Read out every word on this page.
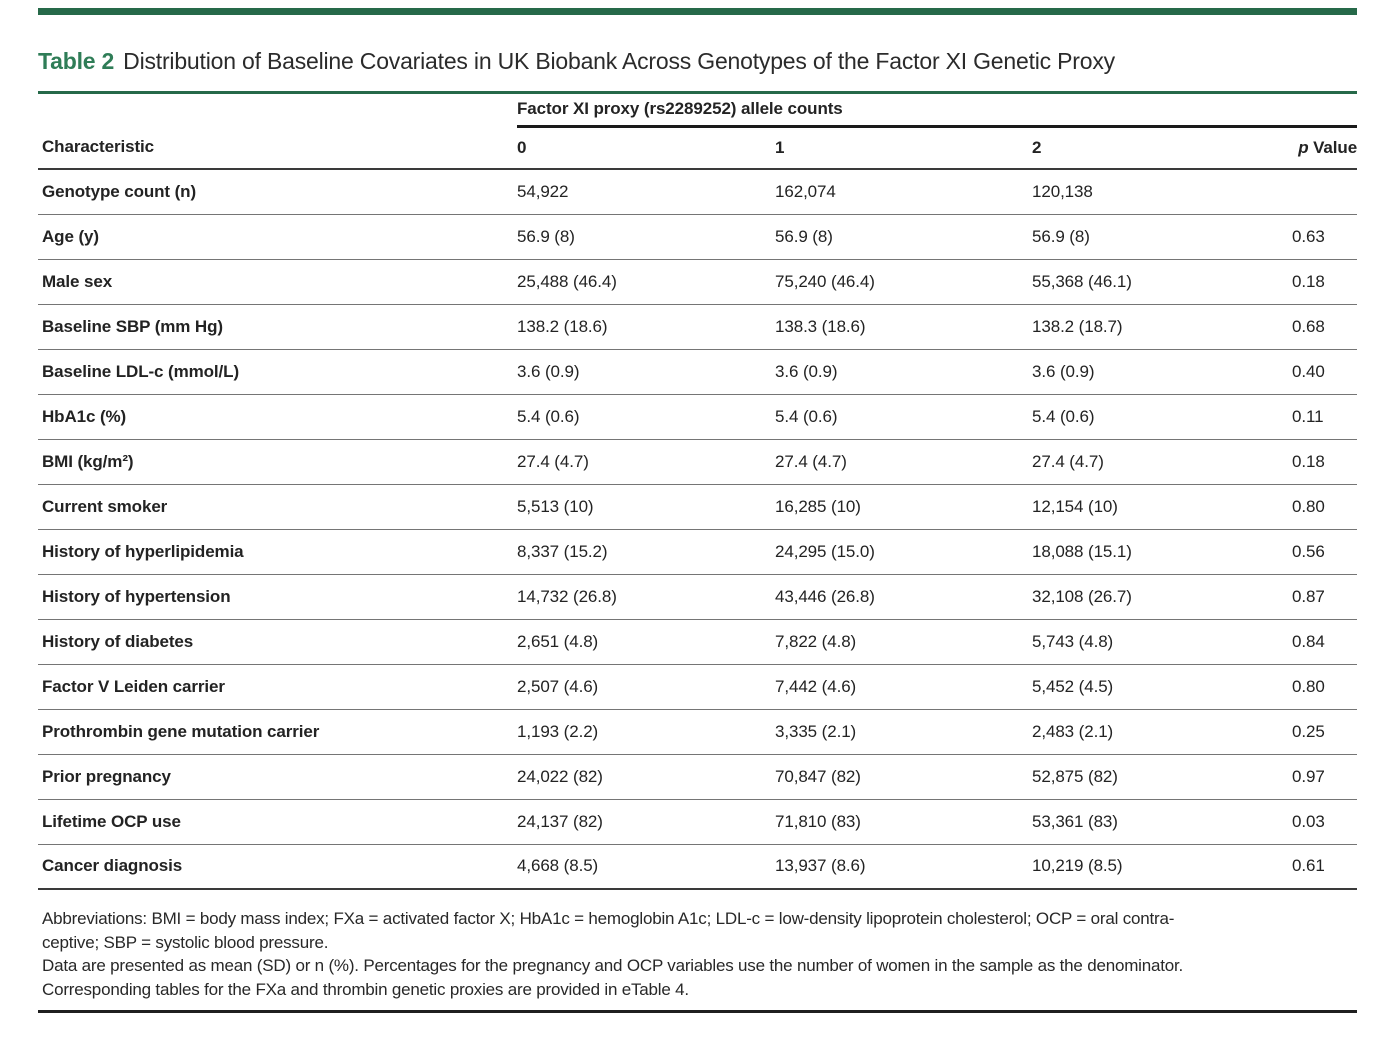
Table 2 Distribution of Baseline Covariates in UK Biobank Across Genotypes of the Factor XI Genetic Proxy
	Factor XI proxy (rs2289252) allele counts			
Characteristic	0	1	2	p Value
Genotype count (n)	54,922	162,074	120,138	
Age (y)	56.9 (8)	56.9 (8)	56.9 (8)	0.63
Male sex	25,488 (46.4)	75,240 (46.4)	55,368 (46.1)	0.18
Baseline SBP (mm Hg)	138.2 (18.6)	138.3 (18.6)	138.2 (18.7)	0.68
Baseline LDL-c (mmol/L)	3.6 (0.9)	3.6 (0.9)	3.6 (0.9)	0.40
HbA1c (%)	5.4 (0.6)	5.4 (0.6)	5.4 (0.6)	0.11
BMI (kg/m²)	27.4 (4.7)	27.4 (4.7)	27.4 (4.7)	0.18
Current smoker	5,513 (10)	16,285 (10)	12,154 (10)	0.80
History of hyperlipidemia	8,337 (15.2)	24,295 (15.0)	18,088 (15.1)	0.56
History of hypertension	14,732 (26.8)	43,446 (26.8)	32,108 (26.7)	0.87
History of diabetes	2,651 (4.8)	7,822 (4.8)	5,743 (4.8)	0.84
Factor V Leiden carrier	2,507 (4.6)	7,442 (4.6)	5,452 (4.5)	0.80
Prothrombin gene mutation carrier	1,193 (2.2)	3,335 (2.1)	2,483 (2.1)	0.25
Prior pregnancy	24,022 (82)	70,847 (82)	52,875 (82)	0.97
Lifetime OCP use	24,137 (82)	71,810 (83)	53,361 (83)	0.03
Cancer diagnosis	4,668 (8.5)	13,937 (8.6)	10,219 (8.5)	0.61
Abbreviations: BMI = body mass index; FXa = activated factor X; HbA1c = hemoglobin A1c; LDL-c = low-density lipoprotein cholesterol; OCP = oral contra-
ceptive; SBP = systolic blood pressure.
Data are presented as mean (SD) or n (%). Percentages for the pregnancy and OCP variables use the number of women in the sample as the denominator.
Corresponding tables for the FXa and thrombin genetic proxies are provided in eTable 4.
